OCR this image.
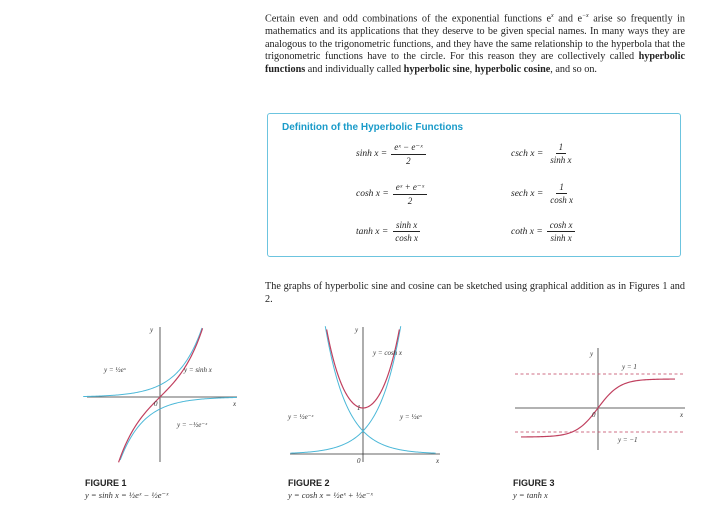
Certain even and odd combinations of the exponential functions $e^x$ and $e^{-x}$ arise so frequently in mathematics and its applications that they deserve to be given special names. In many ways they are analogous to the trigonometric functions, and they have the same relationship to the hyperbola that the trigonometric functions have to the circle. For this reason they are collectively called hyperbolic functions and individually called hyperbolic sine, hyperbolic cosine, and so on.
Definition of the Hyperbolic Functions
$\sinh x = \frac{\text{eˣ − e⁻ˣ}}{2}$
$\cosh x = \frac{\text{eˣ + e⁻ˣ}}{2}$
$\tanh x = \frac{\text{sinh x}}{\text{cosh x}}$
csch $x = \frac{1}{\text{sinh x}}$
sech $x = \frac{1}{\text{cosh x}}$
coth $x = \frac{\text{cosh x}}{\text{sinh x}}$
The graphs of hyperbolic sine and cosine can be sketched using graphical addition as in Figures 1 and 2.
x
y
0
y = ½eˣ	y = sinh x
y = −½e⁻ˣ
FIGURE 1
y = sinh x = ½eˣ − ½e⁻ˣ
x
y
0
1
y = cosh x
y = ½e⁻ˣ	y = ½eˣ
FIGURE 2
y = cosh x = ½eˣ + ½e⁻ˣ
x
y
0
y = 1
y = −1
FIGURE 3
y = tanh x
